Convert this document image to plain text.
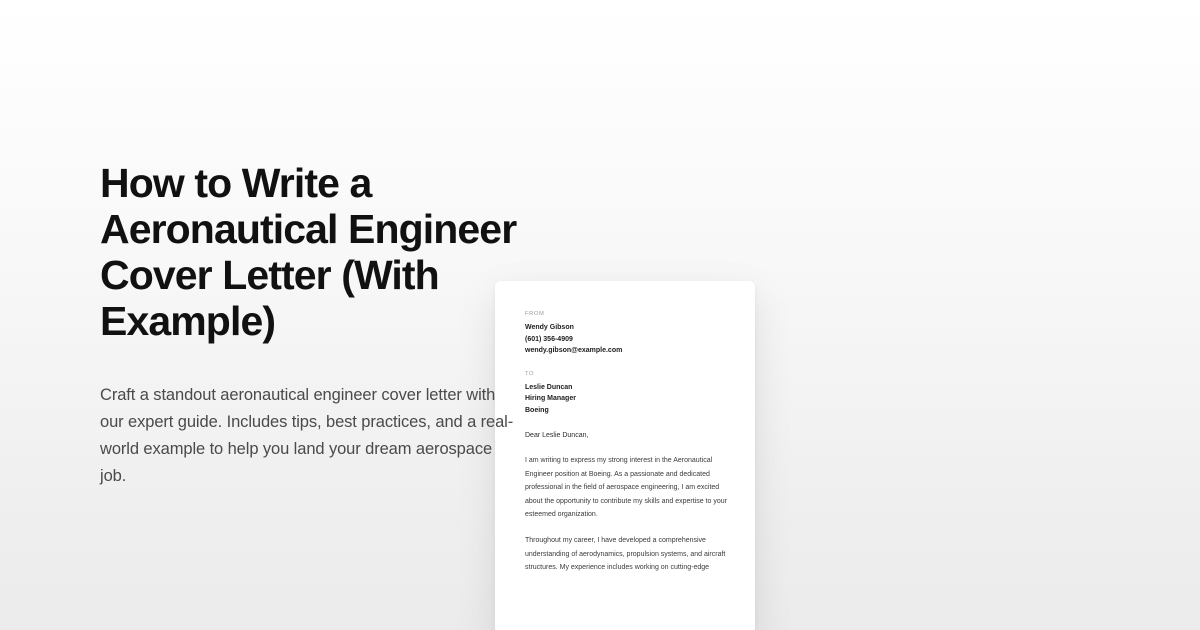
How to Write a Aeronautical Engineer Cover Letter (With Example)

Craft a standout aeronautical engineer cover letter with our expert guide. Includes tips, best practices, and a real-world example to help you land your dream aerospace job.

FROM
Wendy Gibson
(601) 356-4909
wendy.gibson@example.com
TO
Leslie Duncan
Hiring Manager
Boeing
Dear Leslie Duncan,

I am writing to express my strong interest in the Aeronautical Engineer position at Boeing. As a passionate and dedicated professional in the field of aerospace engineering, I am excited about the opportunity to contribute my skills and expertise to your esteemed organization.

Throughout my career, I have developed a comprehensive understanding of aerodynamics, propulsion systems, and aircraft structures. My experience includes working on cutting-edge
